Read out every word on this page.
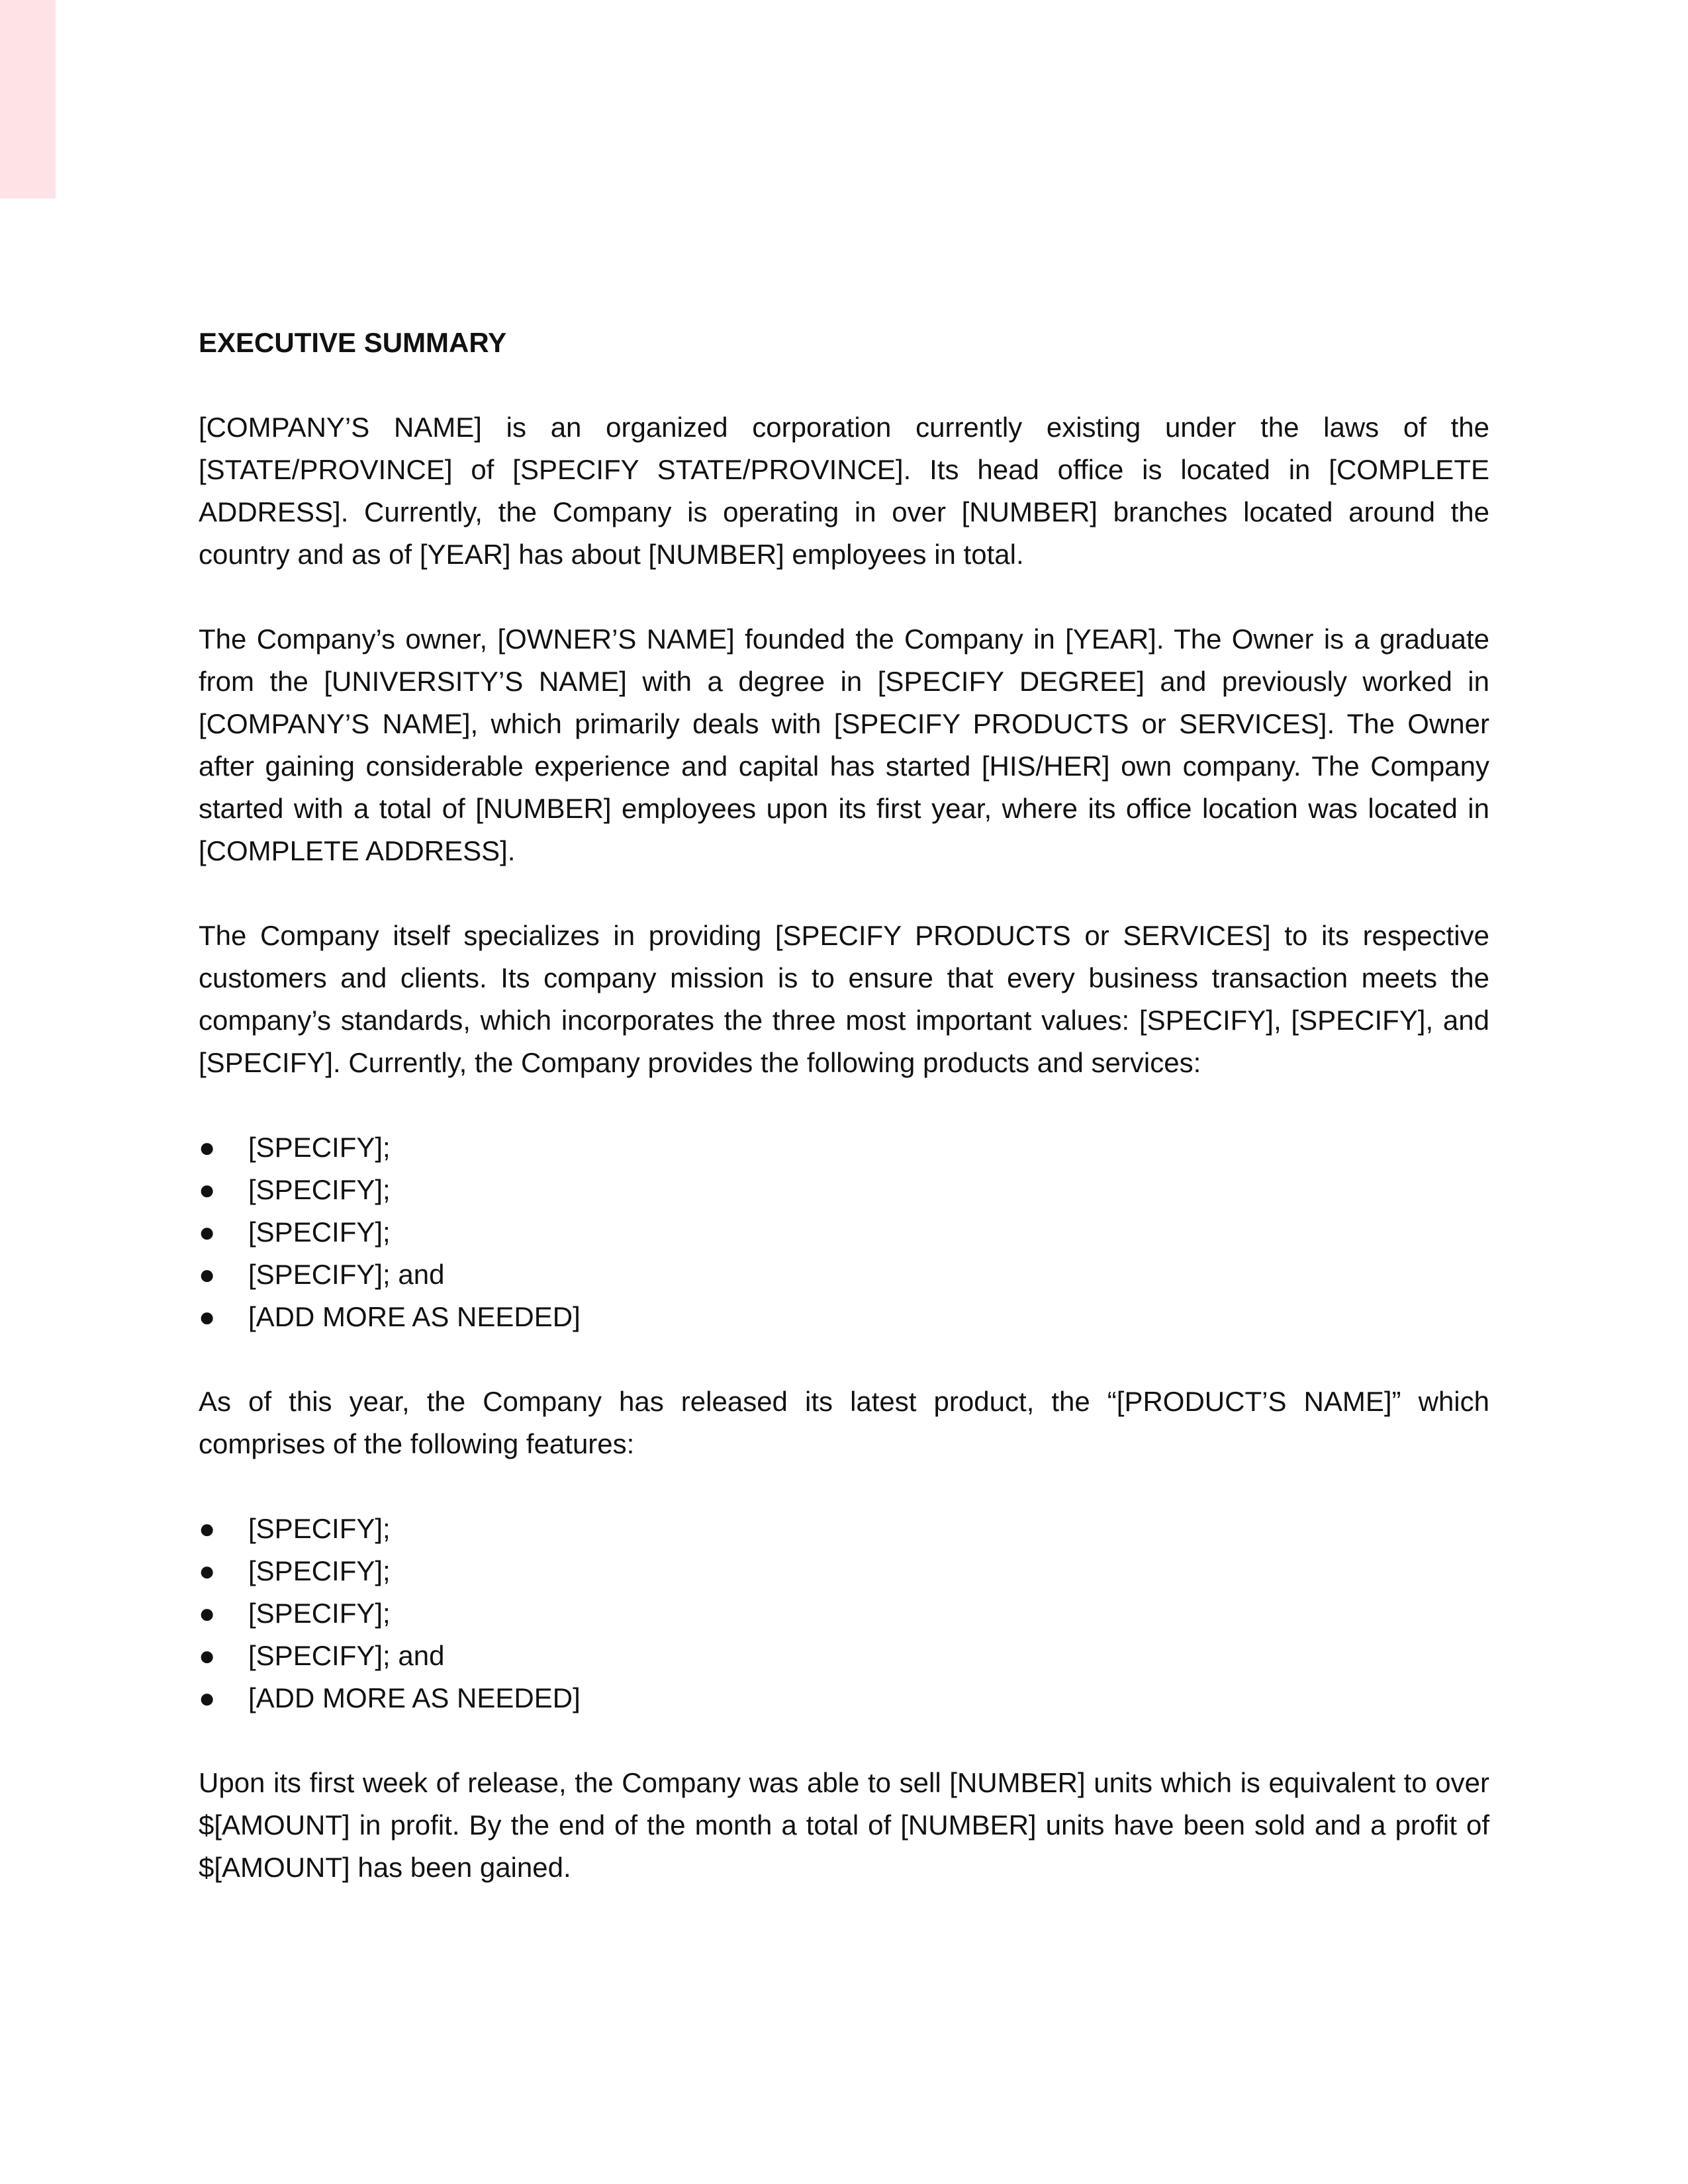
EXECUTIVE SUMMARY

[COMPANY’S NAME] is an organized corporation currently existing under the laws of the [STATE/PROVINCE] of [SPECIFY STATE/PROVINCE]. Its head office is located in [COMPLETE ADDRESS]. Currently, the Company is operating in over [NUMBER] branches located around the country and as of [YEAR] has about [NUMBER] employees in total.

The Company’s owner, [OWNER’S NAME] founded the Company in [YEAR]. The Owner is a graduate from the [UNIVERSITY’S NAME] with a degree in [SPECIFY DEGREE] and previously worked in [COMPANY’S NAME], which primarily deals with [SPECIFY PRODUCTS or SERVICES]. The Owner after gaining considerable experience and capital has started [HIS/HER] own company. The Company started with a total of [NUMBER] employees upon its first year, where its office location was located in [COMPLETE ADDRESS].

The Company itself specializes in providing [SPECIFY PRODUCTS or SERVICES] to its respective customers and clients. Its company mission is to ensure that every business transaction meets the company’s standards, which incorporates the three most important values: [SPECIFY], [SPECIFY], and [SPECIFY]. Currently, the Company provides the following products and services:

●	[SPECIFY];
●	[SPECIFY];
●	[SPECIFY];
●	[SPECIFY]; and
●	[ADD MORE AS NEEDED]

As of this year, the Company has released its latest product, the “[PRODUCT’S NAME]” which comprises of the following features:

●	[SPECIFY];
●	[SPECIFY];
●	[SPECIFY];
●	[SPECIFY]; and
●	[ADD MORE AS NEEDED]

Upon its first week of release, the Company was able to sell [NUMBER] units which is equivalent to over $[AMOUNT] in profit. By the end of the month a total of [NUMBER] units have been sold and a profit of $[AMOUNT] has been gained.
